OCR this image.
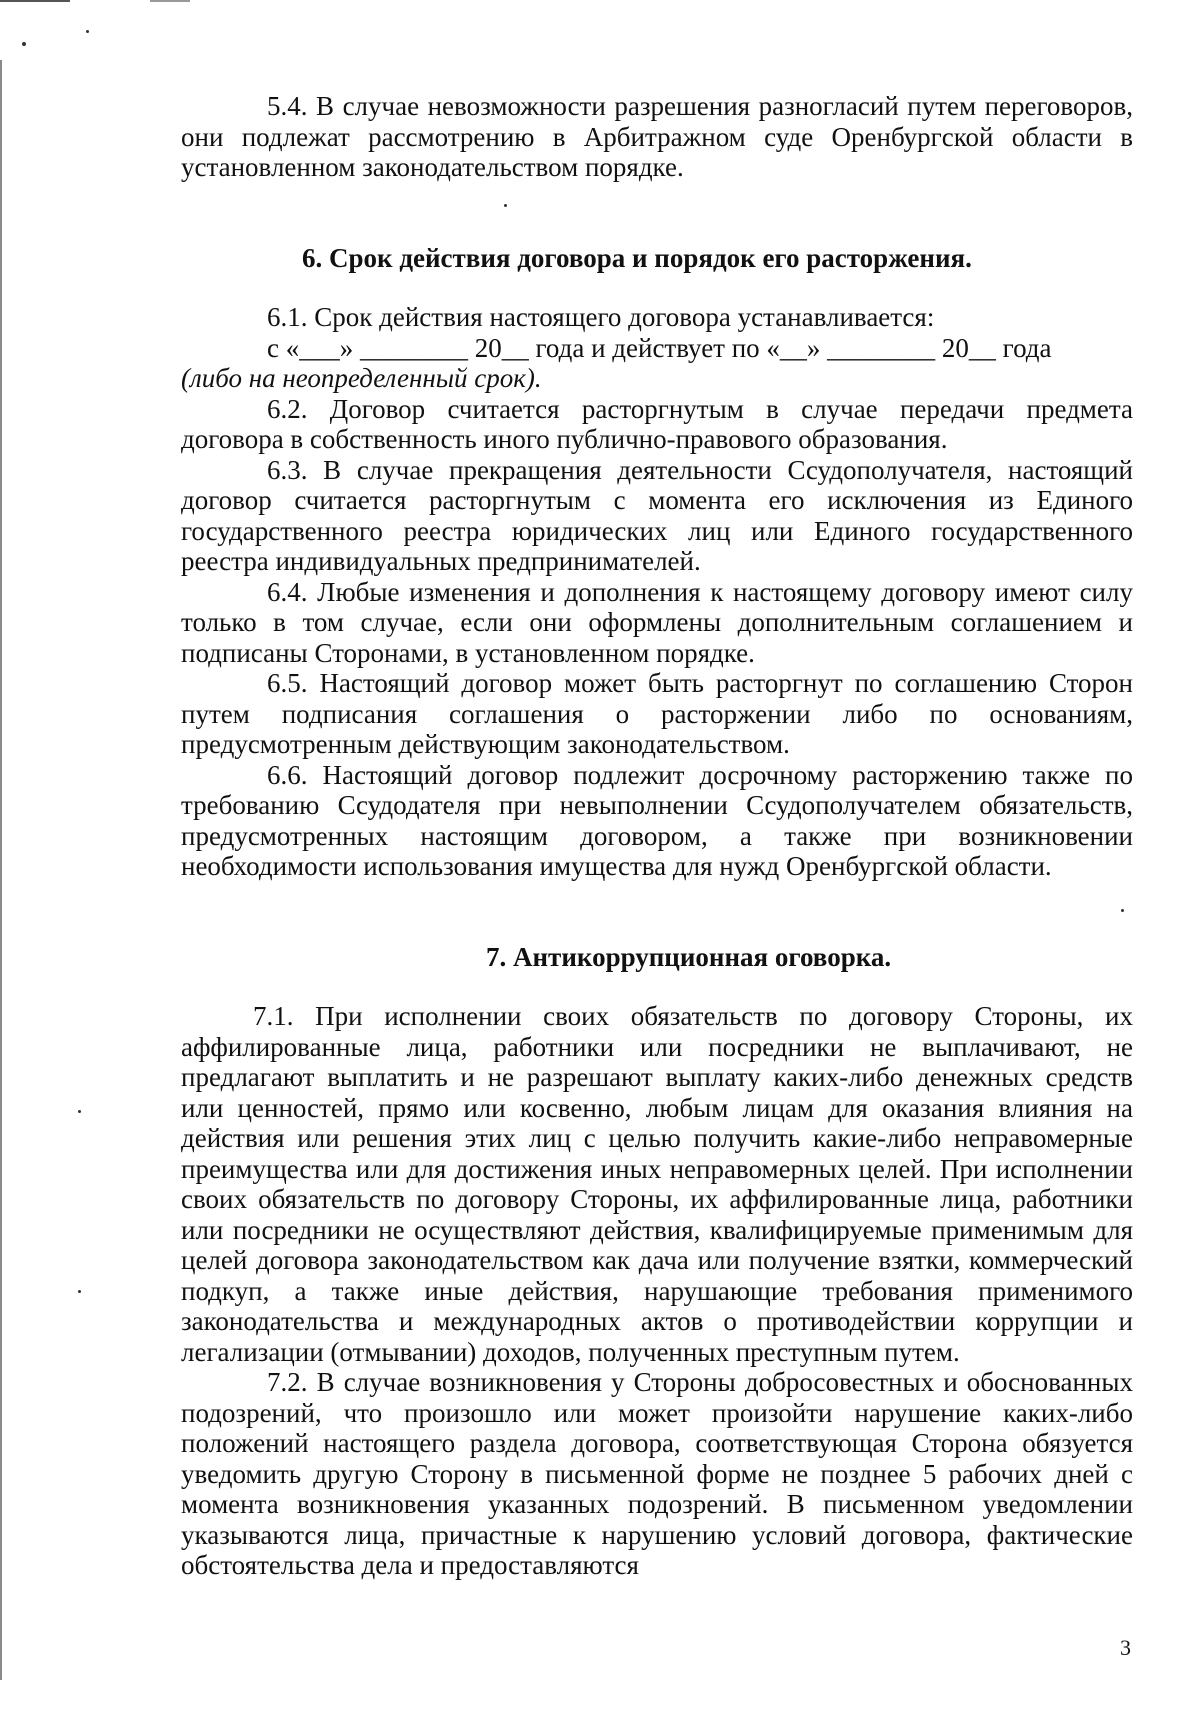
5.4. В случае невозможности разрешения разногласий путем переговоров, они подлежат рассмотрению в Арбитражном суде Оренбургской области в установленном законодательством порядке.

6. Срок действия договора и порядок его расторжения.

6.1. Срок действия настоящего договора устанавливается:

с «___» ________ 20__ года и действует по «__» ________ 20__ года

(либо на неопределенный срок).

6.2. Договор считается расторгнутым в случае передачи предмета договора в собственность иного публично-правового образования.

6.3. В случае прекращения деятельности Ссудополучателя, настоящий договор считается расторгнутым с момента его исключения из Единого государственного реестра юридических лиц или Единого государственного реестра индивидуальных предпринимателей.

6.4. Любые изменения и дополнения к настоящему договору имеют силу только в том случае, если они оформлены дополнительным соглашением и подписаны Сторонами, в установленном порядке.

6.5. Настоящий договор может быть расторгнут по соглашению Сторон путем подписания соглашения о расторжении либо по основаниям, предусмотренным действующим законодательством.

6.6. Настоящий договор подлежит досрочному расторжению также по требованию Ссудодателя при невыполнении Ссудополучателем обязательств, предусмотренных настоящим договором, а также при возникновении необходимости использования имущества для нужд Оренбургской области.

7. Антикоррупционная оговорка.

7.1. При исполнении своих обязательств по договору Стороны, их аффилированные лица, работники или посредники не выплачивают, не предлагают выплатить и не разрешают выплату каких-либо денежных средств или ценностей, прямо или косвенно, любым лицам для оказания влияния на действия или решения этих лиц с целью получить какие-либо неправомерные преимущества или для достижения иных неправомерных целей. При исполнении своих обязательств по договору Стороны, их аффилированные лица, работники или посредники не осуществляют действия, квалифицируемые применимым для целей договора законодательством как дача или получение взятки, коммерческий подкуп, а также иные действия, нарушающие требования применимого законодательства и международных актов о противодействии коррупции и легализации (отмывании) доходов, полученных преступным путем.

7.2. В случае возникновения у Стороны добросовестных и обоснованных подозрений, что произошло или может произойти нарушение каких-либо положений настоящего раздела договора, соответствующая Сторона обязуется уведомить другую Сторону в письменной форме не позднее 5 рабочих дней с момента возникновения указанных подозрений. В письменном уведомлении указываются лица, причастные к нарушению условий договора, фактические обстоятельства дела и предоставляются

3
